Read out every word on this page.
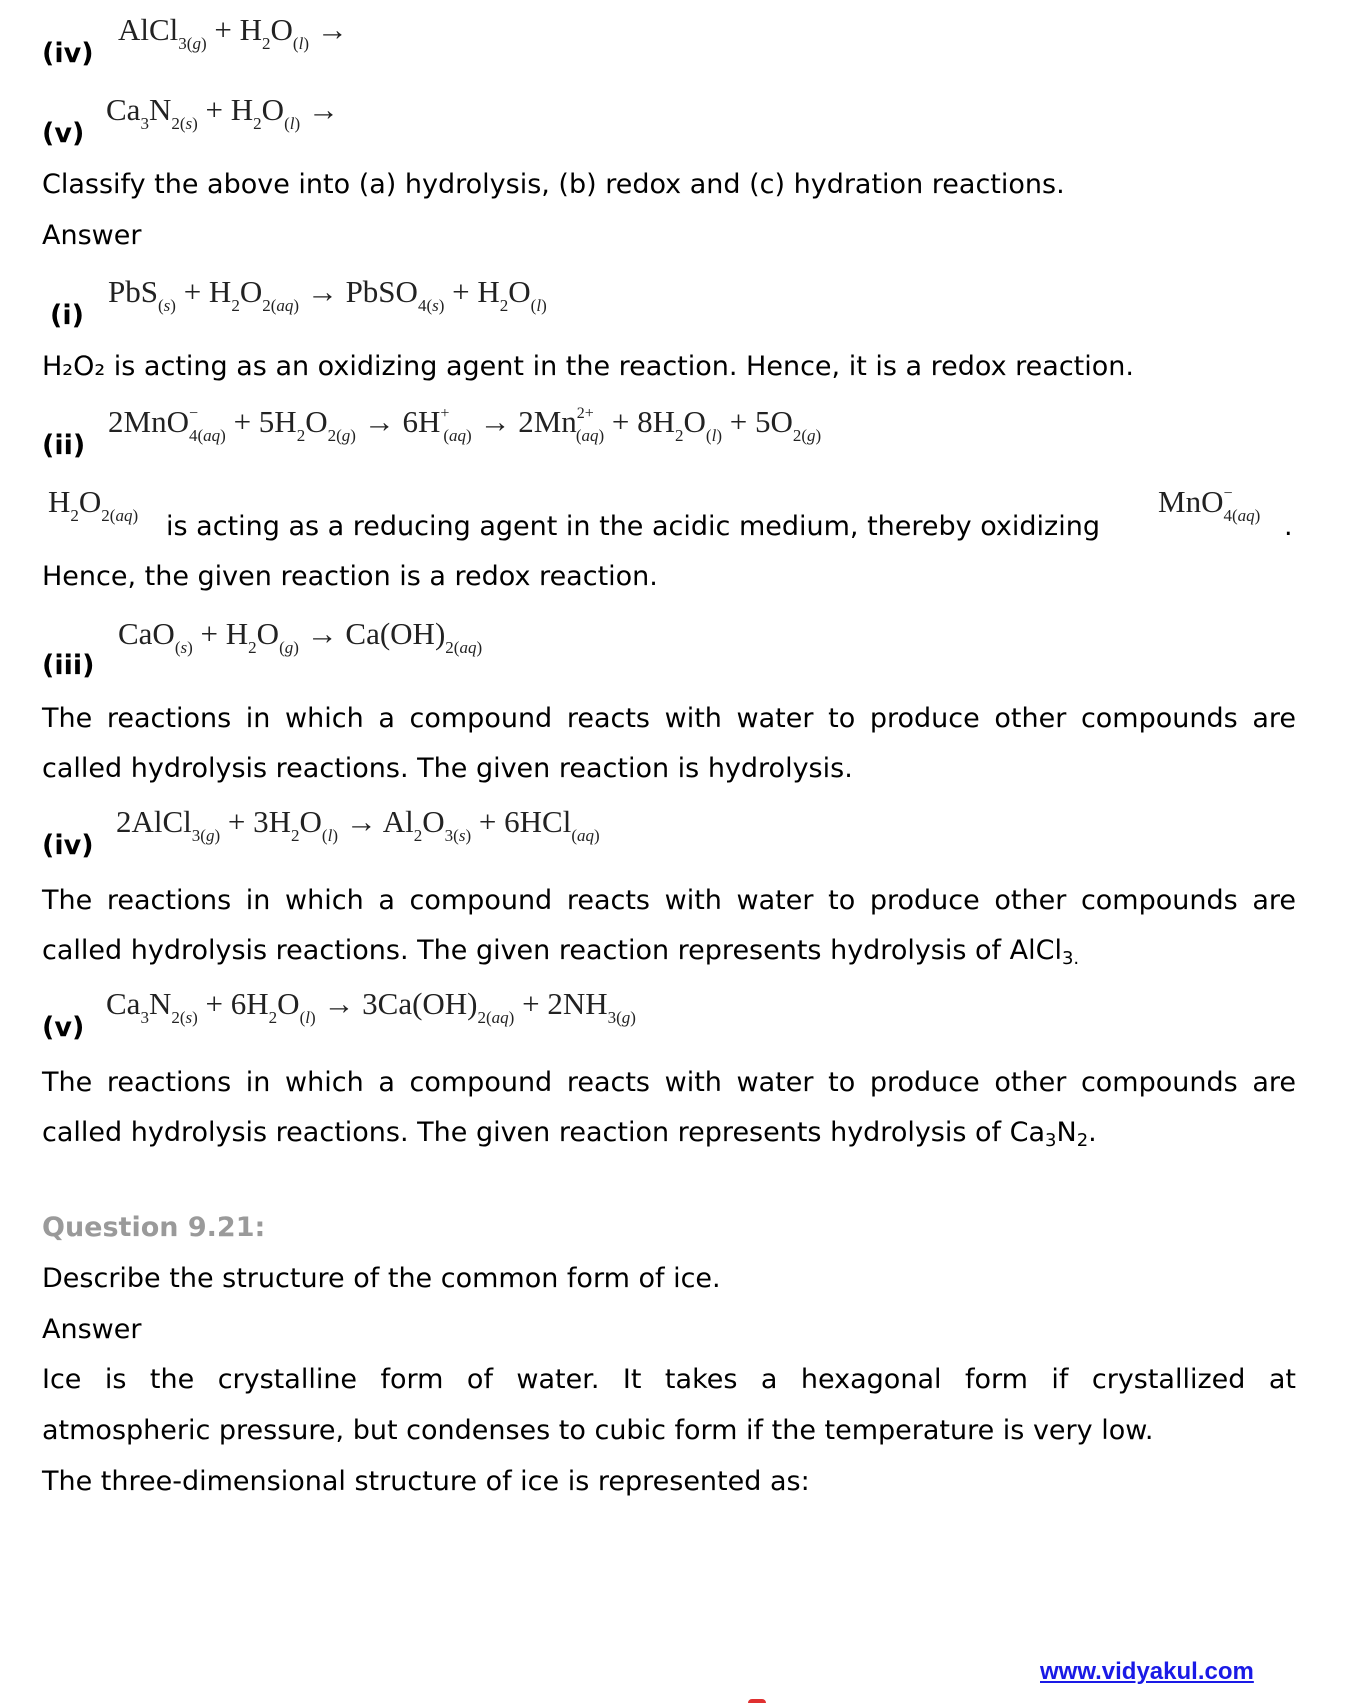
(iv)
AlCl$_{3(g)}$ + $H_2O_{(l)}$ →
(v)
$Ca_3N_{2(s)} + H_2O_{(l)}$ →
Classify the above into (a) hydrolysis, (b) redox and (c) hydration reactions.
Answer
(i)
$PbS_{(s)} + H_2O_{2(aq)}$ → PbSO$_{4(s)}$ + $H_2O_{(l)}$
H₂O₂ is acting as an oxidizing agent in the reaction. Hence, it is a redox reaction.
(ii)
$2MnO^-_{4(aq)} + 5H_2O_{2(g)} \to 6H^+_{(aq)} \to 2Mn^{2+}_{(aq)} + 8H_2O_{(l)} + 5O_{2(g)}$
$H_2O_{2(aq)}$ is acting as a reducing agent in the acidic medium, thereby oxidizing
MnO−$_{4(aq)}$ .
Hence, the given reaction is a redox reaction.
(iii)
$CaO_{(s)} + H_2O_{(g)} \to Ca(OH)_{2(aq)}$
The reactions in which a compound reacts with water to produce other compounds are
called hydrolysis reactions. The given reaction is hydrolysis.
(iv)
2AlCl$_{3(g)}$ + $3H_2O_{(l)} \to Al_2O_{3(s)} + 6HCl_{(aq)}$
The reactions in which a compound reacts with water to produce other compounds are
called hydrolysis reactions. The given reaction represents hydrolysis of AlCl3.
(v)
$Ca_3N_{2(s)} + 6H_2O_{(l)} \to 3Ca(OH)_{2(aq)} + 2NH_{3(g)}$
The reactions in which a compound reacts with water to produce other compounds are
called hydrolysis reactions. The given reaction represents hydrolysis of Ca3N2.
Question 9.21:
Describe the structure of the common form of ice.
Answer
Ice is the crystalline form of water. It takes a hexagonal form if crystallized at
atmospheric pressure, but condenses to cubic form if the temperature is very low.
The three-dimensional structure of ice is represented as:
www.vidyakul.com
